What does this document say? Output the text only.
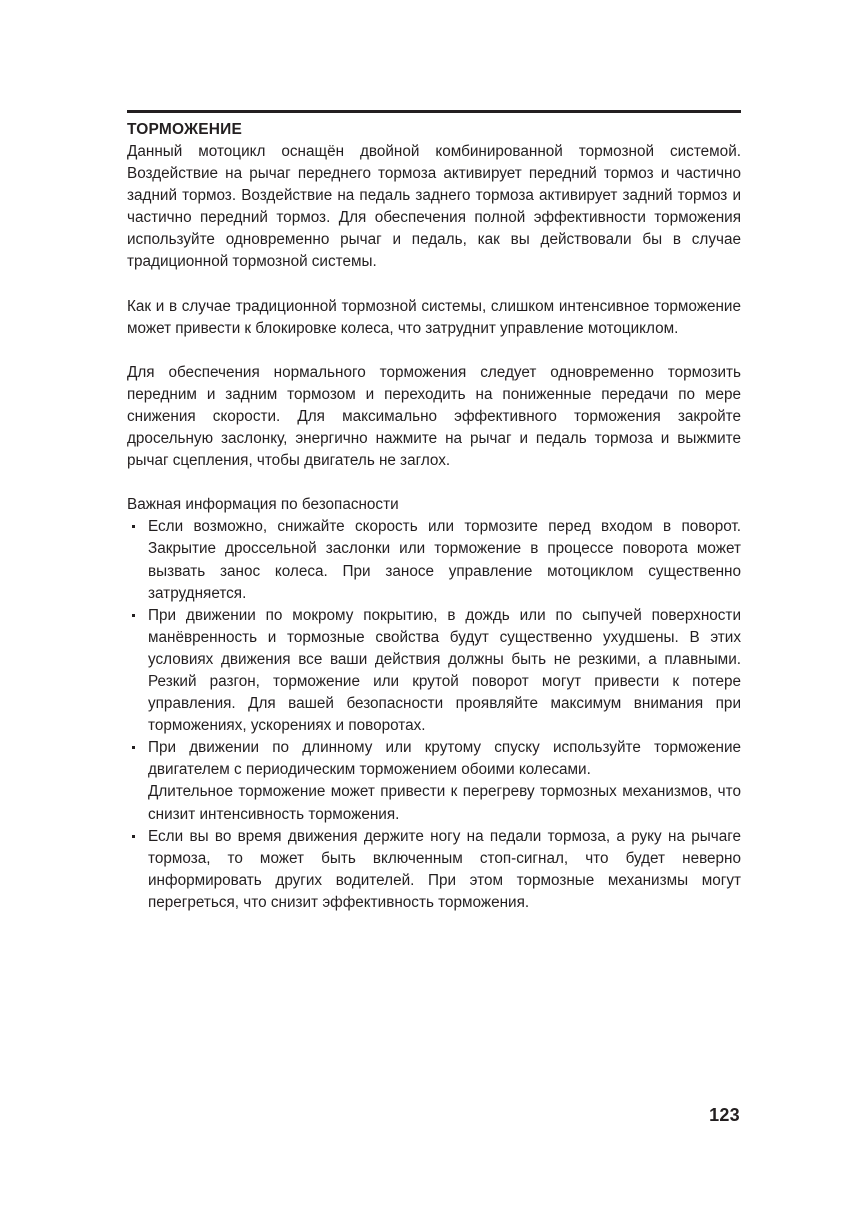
ТОРМОЖЕНИЕ

Данный мотоцикл оснащён двойной комбинированной тормозной системой. Воздействие на рычаг переднего тормоза активирует передний тормоз и частично задний тормоз. Воздействие на педаль заднего тормоза активирует задний тормоз и частично передний тормоз. Для обеспечения полной эффективности торможения используйте одновременно рычаг и педаль, как вы действовали бы в случае традиционной тормозной системы.

Как и в случае традиционной тормозной системы, слишком интенсивное торможение может привести к блокировке колеса, что затруднит управление мотоциклом.

Для обеспечения нормального торможения следует одновременно тормозить передним и задним тормозом и переходить на пониженные передачи по мере снижения скорости. Для максимально эффективного торможения закройте дросельную заслонку, энергично нажмите на рычаг и педаль тормоза и выжмите рычаг сцепления, чтобы двигатель не заглох.

Важная информация по безопасности

Если возможно, снижайте скорость или тормозите перед входом в поворот. Закрытие дроссельной заслонки или торможение в процессе поворота может вызвать занос колеса. При заносе управление мотоциклом существенно затрудняется.
При движении по мокрому покрытию, в дождь или по сыпучей поверхности манёвренность и тормозные свойства будут существенно ухудшены. В этих условиях движения все ваши действия должны быть не резкими, а плавными. Резкий разгон, торможение или крутой поворот могут привести к потере управления. Для вашей безопасности проявляйте максимум внимания при торможениях, ускорениях и поворотах.
При движении по длинному или крутому спуску используйте торможение двигателем с периодическим торможением обоими колесами.
Длительное торможение может привести к перегреву тормозных механизмов, что снизит интенсивность торможения.
Если вы во время движения держите ногу на педали тормоза, а руку на рычаге тормоза, то может быть включенным стоп-сигнал, что будет неверно информировать других водителей. При этом тормозные механизмы могут перегреться, что снизит эффективность торможения.
123
